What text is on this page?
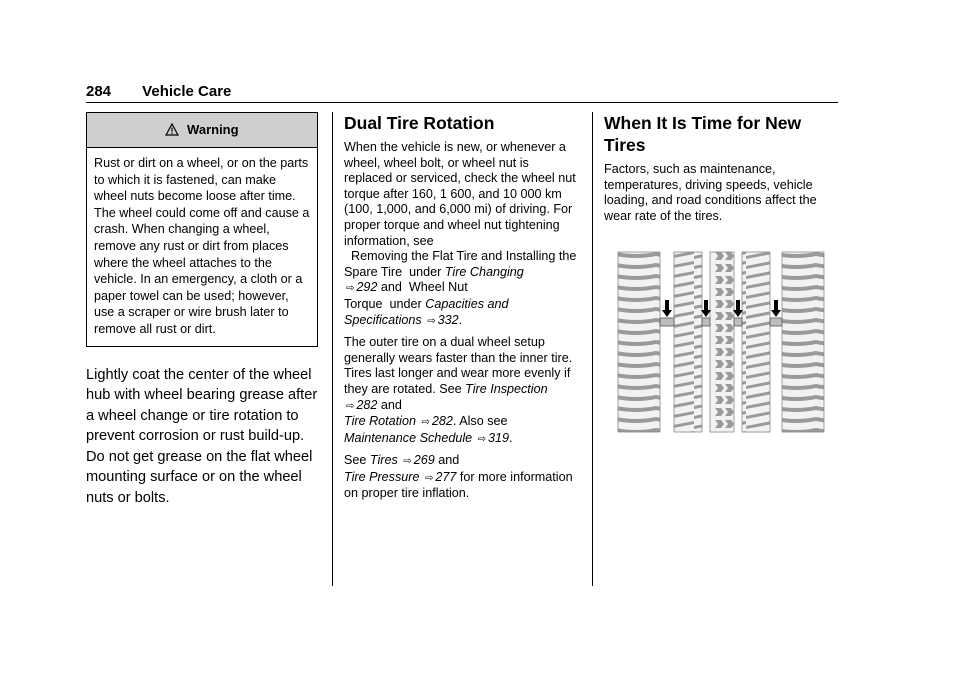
284 Vehicle Care
Warning
Rust or dirt on a wheel, or on the parts to which it is fastened, can make wheel nuts become loose after time. The wheel could come off and cause a crash. When changing a wheel, remove any rust or dirt from places where the wheel attaches to the vehicle. In an emergency, a cloth or a paper towel can be used; however, use a scraper or wire brush later to remove all rust or dirt.
Lightly coat the center of the wheel hub with wheel bearing grease after a wheel change or tire rotation to prevent corrosion or rust build-up. Do not get grease on the flat wheel mounting surface or on the wheel nuts or bolts.
Dual Tire Rotation

When the vehicle is new, or whenever a wheel, wheel bolt, or wheel nut is replaced or serviced, check the wheel nut torque after 160, 1 600, and 10 000 km (100, 1,000, and 6,000 mi) of driving. For proper torque and wheel nut tightening information, see
Removing the Flat Tire and Installing the Spare Tire  under Tire Changing ⇨ 292 and  Wheel Nut Torque  under Capacities and Specifications ⇨ 332.

The outer tire on a dual wheel setup generally wears faster than the inner tire. Tires last longer and wear more evenly if they are rotated. See Tire Inspection ⇨ 282 and
Tire Rotation ⇨ 282. Also see
Maintenance Schedule ⇨ 319.

See Tires ⇨ 269 and
Tire Pressure ⇨ 277 for more information on proper tire inflation.

When It Is Time for New Tires

Factors, such as maintenance, temperatures, driving speeds, vehicle loading, and road conditions affect the wear rate of the tires.
